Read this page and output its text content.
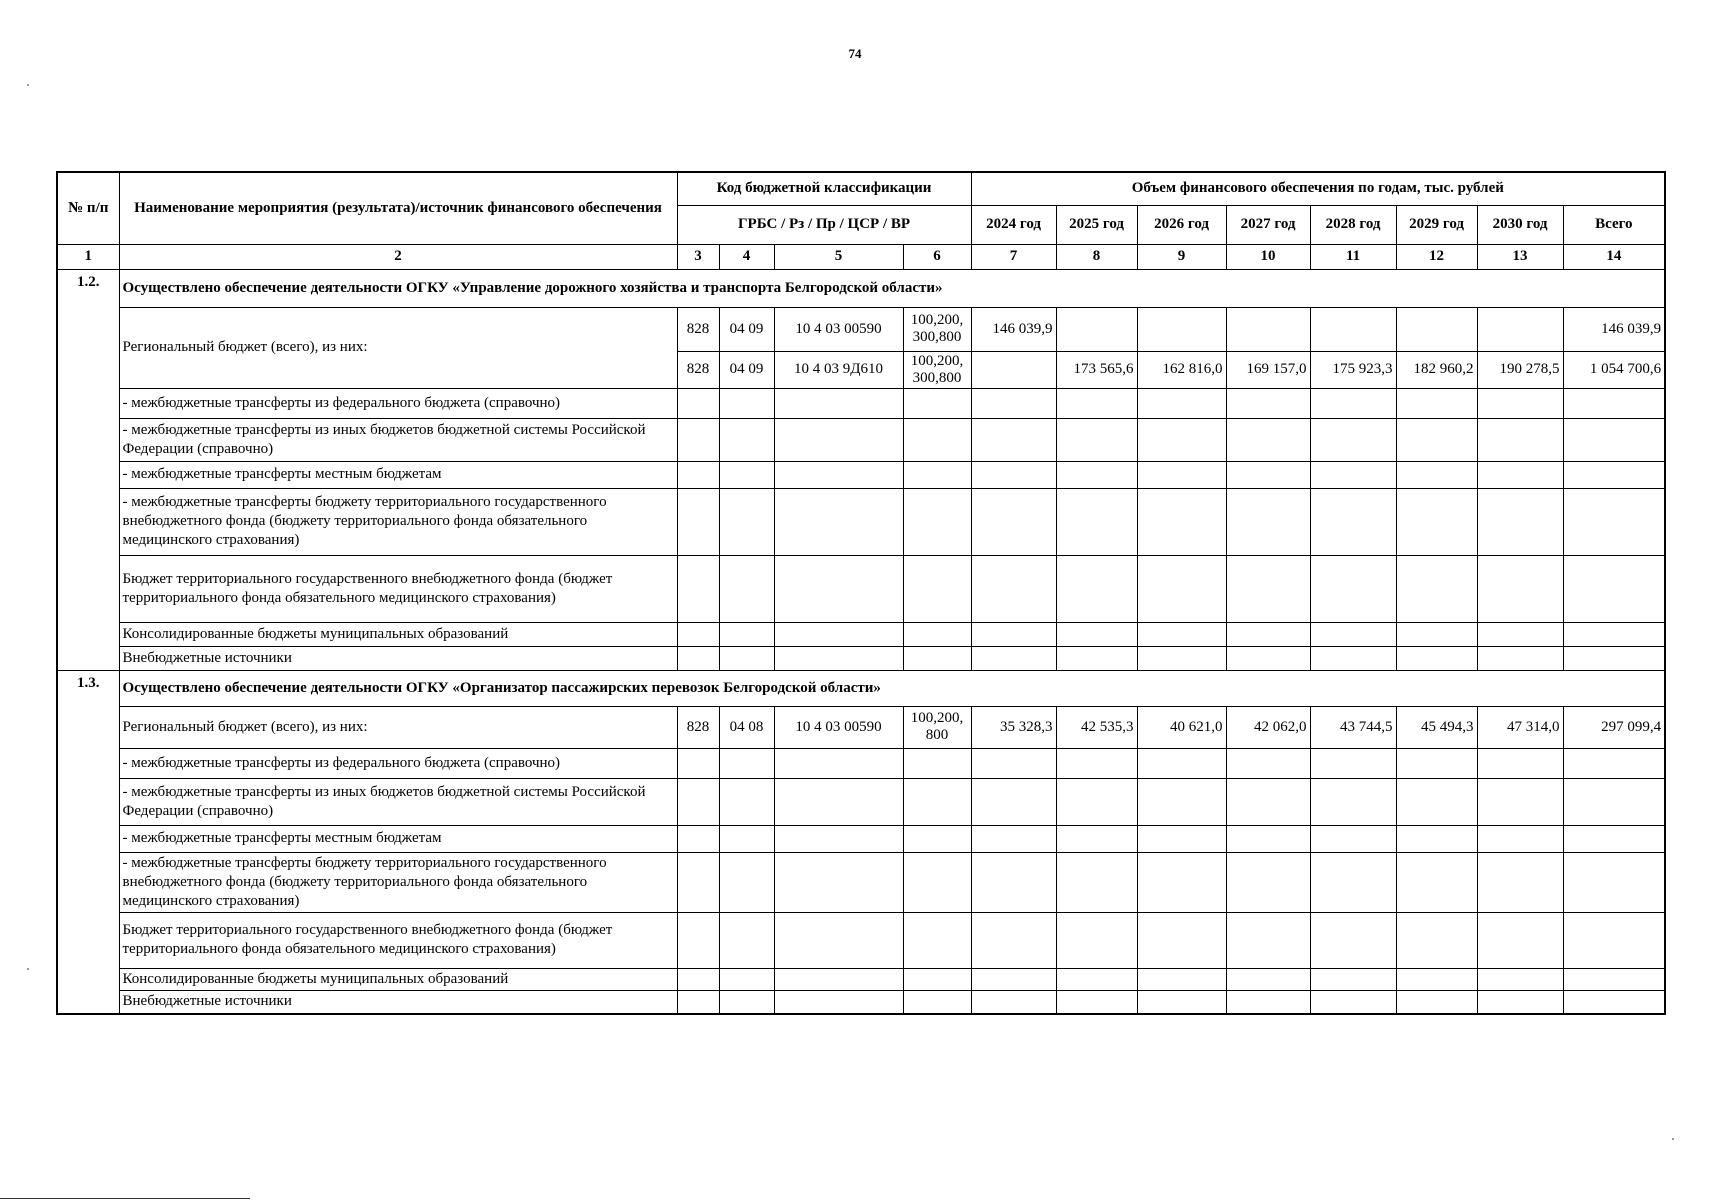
74
№ п/п	Наименование мероприятия (результата)/источник финансового обеспечения	Код бюджетной классификации				Объем финансового обеспечения по годам, тыс. рублей							
		ГРБС / Рз / Пр / ЦСР / ВР				2024 год	2025 год	2026 год	2027 год	2028 год	2029 год	2030 год	Всего
1	2	3	4	5	6	7	8	9	10	11	12	13	14
1.2.	Осуществлено обеспечение деятельности ОГКУ «Управление дорожного хозяйства и транспорта Белгородской области»												
	Региональный бюджет (всего), из них:	828	04 09	10 4 03 00590	100,200, 300,800	146 039,9							146 039,9
		828	04 09	10 4 03 9Д610	100,200, 300,800		173 565,6	162 816,0	169 157,0	175 923,3	182 960,2	190 278,5	1 054 700,6
	- межбюджетные трансферты из федерального бюджета (справочно)												
	- межбюджетные трансферты из иных бюджетов бюджетной системы Российской Федерации (справочно)												
	- межбюджетные трансферты местным бюджетам												
	- межбюджетные трансферты бюджету территориального государственного внебюджетного фонда (бюджету территориального фонда обязательного медицинского страхования)												
	Бюджет территориального государственного внебюджетного фонда (бюджет территориального фонда обязательного медицинского страхования)												
	Консолидированные бюджеты муниципальных образований												
	Внебюджетные источники												
1.3.	Осуществлено обеспечение деятельности ОГКУ «Организатор пассажирских перевозок Белгородской области»												
	Региональный бюджет (всего), из них:	828	04 08	10 4 03 00590	100,200, 800	35 328,3	42 535,3	40 621,0	42 062,0	43 744,5	45 494,3	47 314,0	297 099,4
	- межбюджетные трансферты из федерального бюджета (справочно)												
	- межбюджетные трансферты из иных бюджетов бюджетной системы Российской Федерации (справочно)												
	- межбюджетные трансферты местным бюджетам												
	- межбюджетные трансферты бюджету территориального государственного внебюджетного фонда (бюджету территориального фонда обязательного медицинского страхования)												
	Бюджет территориального государственного внебюджетного фонда (бюджет территориального фонда обязательного медицинского страхования)												
	Консолидированные бюджеты муниципальных образований												
	Внебюджетные источники												
